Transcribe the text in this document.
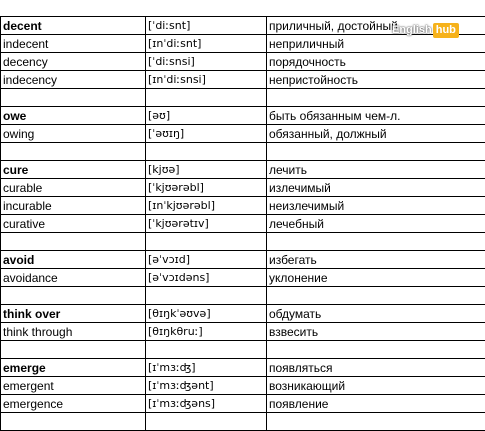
decent	[ˈdiːsnt]	приличный, достойный
indecent	[ɪnˈdiːsnt]	неприличный
decency	[ˈdiːsnsi]	порядочность
indecency	[ɪnˈdiːsnsi]	непристойность

owe	[əʊ]	быть обязанным чем-л.
owing	[ˈəʊɪŋ]	обязанный, должный

cure	[kjʊə]	лечить
curable	[ˈkjʊərəbl]	излечимый
incurable	[ɪnˈkjʊərəbl]	неизлечимый
curative	[ˈkjʊərətɪv]	лечебный

avoid	[əˈvɔɪd]	избегать
avoidance	[əˈvɔɪdəns]	уклонение

think over	[θɪŋkˈəʊvə]	обдумать
think through	[θɪŋkθruː]	взвесить

emerge	[ɪˈmɜːʤ]	появляться
emergent	[ɪˈmɜːʤənt]	возникающий
emergence	[ɪˈmɜːʤəns]	появление

English hub
